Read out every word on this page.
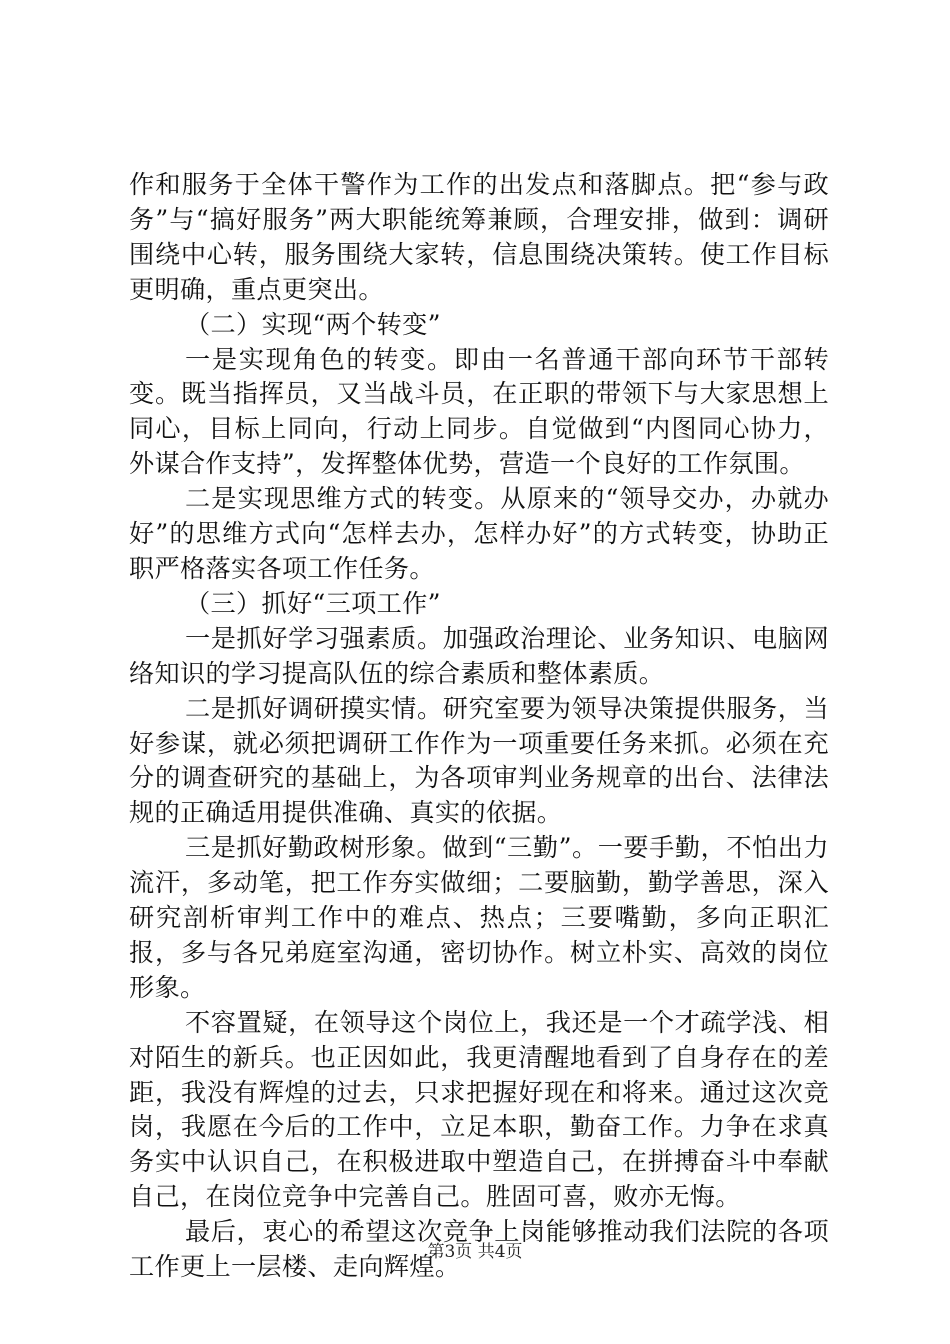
作和服务于全体干警作为工作的出发点和落脚点。把“参与政务”与“搞好服务”两大职能统筹兼顾，合理安排，做到：调研围绕中心转，服务围绕大家转，信息围绕决策转。使工作目标更明确，重点更突出。

（二）实现“两个转变”

一是实现角色的转变。即由一名普通干部向环节干部转变。既当指挥员，又当战斗员，在正职的带领下与大家思想上同心，目标上同向，行动上同步。自觉做到“内图同心协力，外谋合作支持”，发挥整体优势，营造一个良好的工作氛围。

二是实现思维方式的转变。从原来的“领导交办，办就办好”的思维方式向“怎样去办，怎样办好”的方式转变，协助正职严格落实各项工作任务。

（三）抓好“三项工作”

一是抓好学习强素质。加强政治理论、业务知识、电脑网络知识的学习提高队伍的综合素质和整体素质。

二是抓好调研摸实情。研究室要为领导决策提供服务，当好参谋，就必须把调研工作作为一项重要任务来抓。必须在充分的调查研究的基础上，为各项审判业务规章的出台、法律法规的正确适用提供准确、真实的依据。

三是抓好勤政树形象。做到“三勤”。一要手勤，不怕出力流汗，多动笔，把工作夯实做细；二要脑勤，勤学善思，深入研究剖析审判工作中的难点、热点；三要嘴勤，多向正职汇报，多与各兄弟庭室沟通，密切协作。树立朴实、高效的岗位形象。

不容置疑，在领导这个岗位上，我还是一个才疏学浅、相对陌生的新兵。也正因如此，我更清醒地看到了自身存在的差距，我没有辉煌的过去，只求把握好现在和将来。通过这次竞岗，我愿在今后的工作中，立足本职，勤奋工作。力争在求真务实中认识自己，在积极进取中塑造自己，在拼搏奋斗中奉献自己，在岗位竞争中完善自己。胜固可喜，败亦无悔。

最后，衷心的希望这次竞争上岗能够推动我们法院的各项工作更上一层楼、走向辉煌。

第3页 共4页
